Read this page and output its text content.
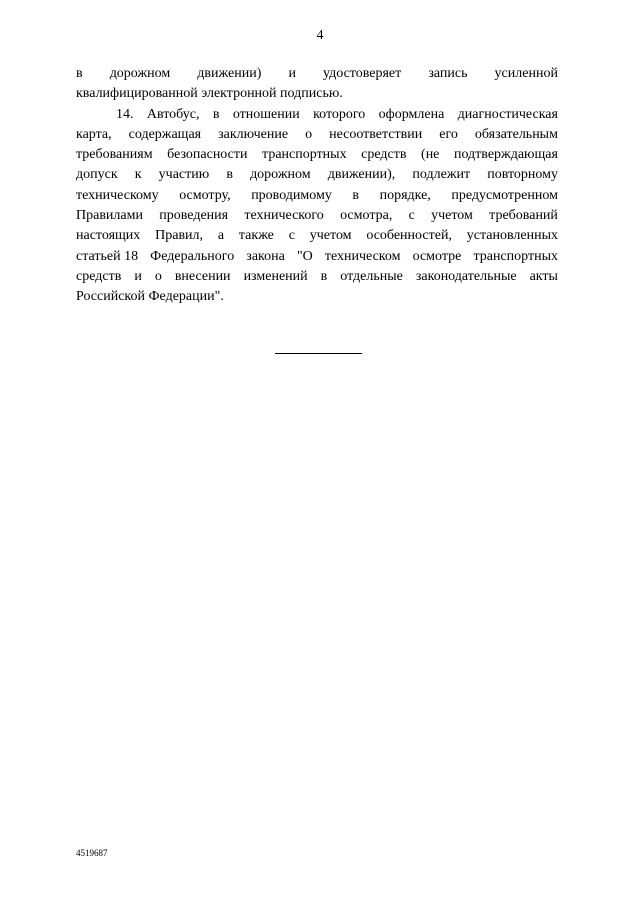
4
в дорожном движении) и удостоверяет запись усиленной
квалифицированной электронной подписью.
14. Автобус, в отношении которого оформлена диагностическая
карта, содержащая заключение о несоответствии его обязательным
требованиям безопасности транспортных средств (не подтверждающая
допуск к участию в дорожном движении), подлежит повторному
техническому осмотру, проводимому в порядке, предусмотренном
Правилами проведения технического осмотра, с учетом требований
настоящих Правил, а также с учетом особенностей, установленных
статьей 18 Федерального закона "О техническом осмотре транспортных
средств и о внесении изменений в отдельные законодательные акты
Российской Федерации".
4519687
